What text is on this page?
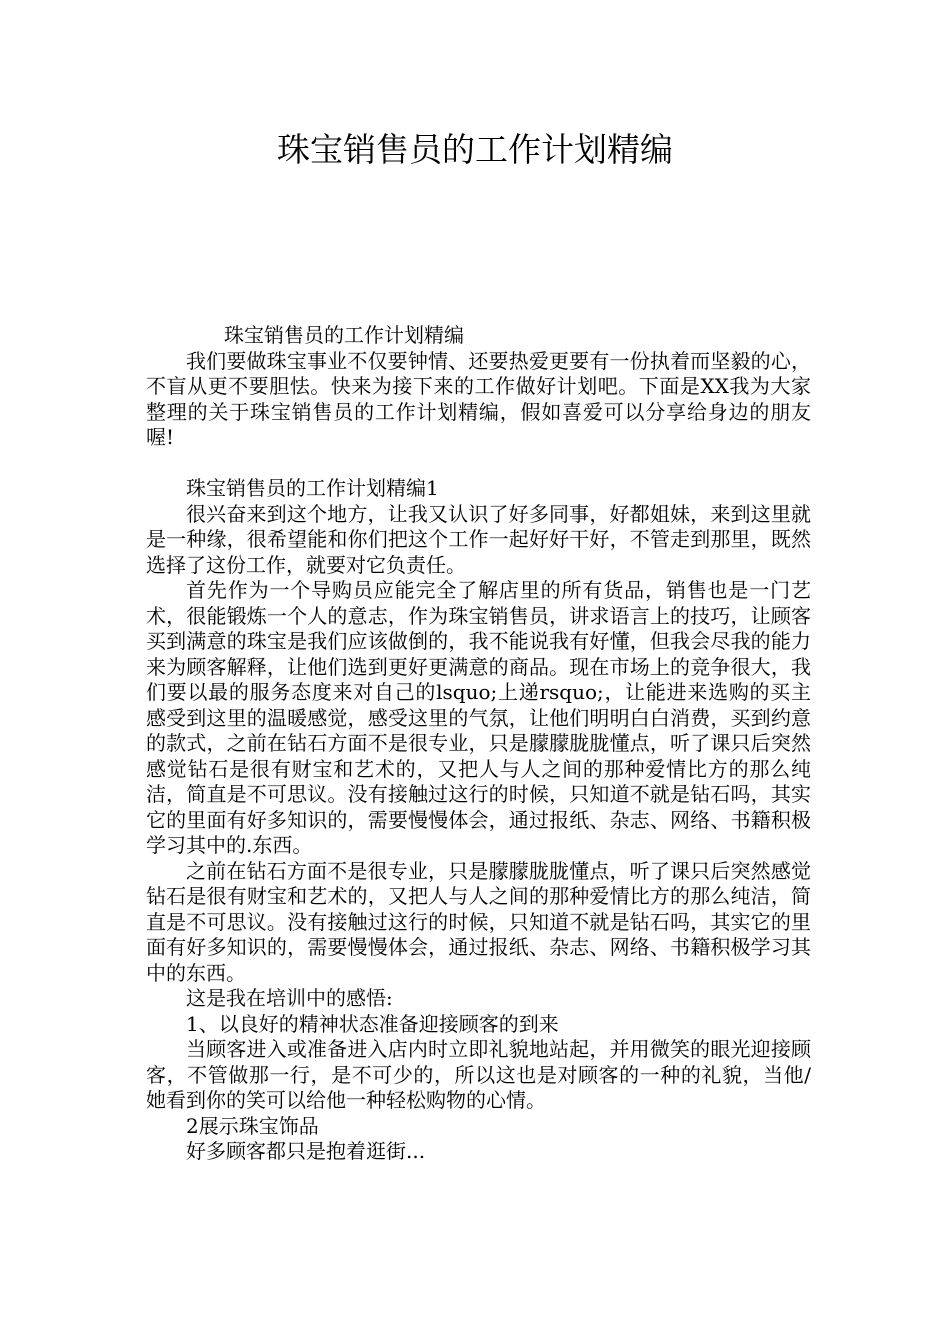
珠宝销售员的工作计划精编

珠宝销售员的工作计划精编

我们要做珠宝事业不仅要钟情、还要热爱更要有一份执着而坚毅的心，不盲从更不要胆怯。快来为接下来的工作做好计划吧。下面是XX我为大家整理的关于珠宝销售员的工作计划精编，假如喜爱可以分享给身边的朋友喔!

珠宝销售员的工作计划精编1

很兴奋来到这个地方，让我又认识了好多同事，好都姐妹，来到这里就是一种缘，很希望能和你们把这个工作一起好好干好，不管走到那里，既然选择了这份工作，就要对它负责任。

首先作为一个导购员应能完全了解店里的所有货品，销售也是一门艺术，很能锻炼一个人的意志，作为珠宝销售员，讲求语言上的技巧，让顾客买到满意的珠宝是我们应该做倒的，我不能说我有好懂，但我会尽我的能力来为顾客解释，让他们选到更好更满意的商品。现在市场上的竞争很大，我们要以最的服务态度来对自己的lsquo;上递rsquo;，让能进来选购的买主感受到这里的温暖感觉，感受这里的气氛，让他们明明白白消费，买到约意的款式，之前在钻石方面不是很专业，只是朦朦胧胧懂点，听了课只后突然感觉钻石是很有财宝和艺术的，又把人与人之间的那种爱情比方的那么纯洁，简直是不可思议。没有接触过这行的时候，只知道不就是钻石吗，其实它的里面有好多知识的，需要慢慢体会，通过报纸、杂志、网络、书籍积极学习其中的.东西。

之前在钻石方面不是很专业，只是朦朦胧胧懂点，听了课只后突然感觉钻石是很有财宝和艺术的，又把人与人之间的那种爱情比方的那么纯洁，简直是不可思议。没有接触过这行的时候，只知道不就是钻石吗，其实它的里面有好多知识的，需要慢慢体会，通过报纸、杂志、网络、书籍积极学习其中的东西。

这是我在培训中的感悟:

1、以良好的精神状态准备迎接顾客的到来

当顾客进入或准备进入店内时立即礼貌地站起，并用微笑的眼光迎接顾客，不管做那一行，是不可少的，所以这也是对顾客的一种的礼貌，当他/她看到你的笑可以给他一种轻松购物的心情。

2展示珠宝饰品

好多顾客都只是抱着逛街...
